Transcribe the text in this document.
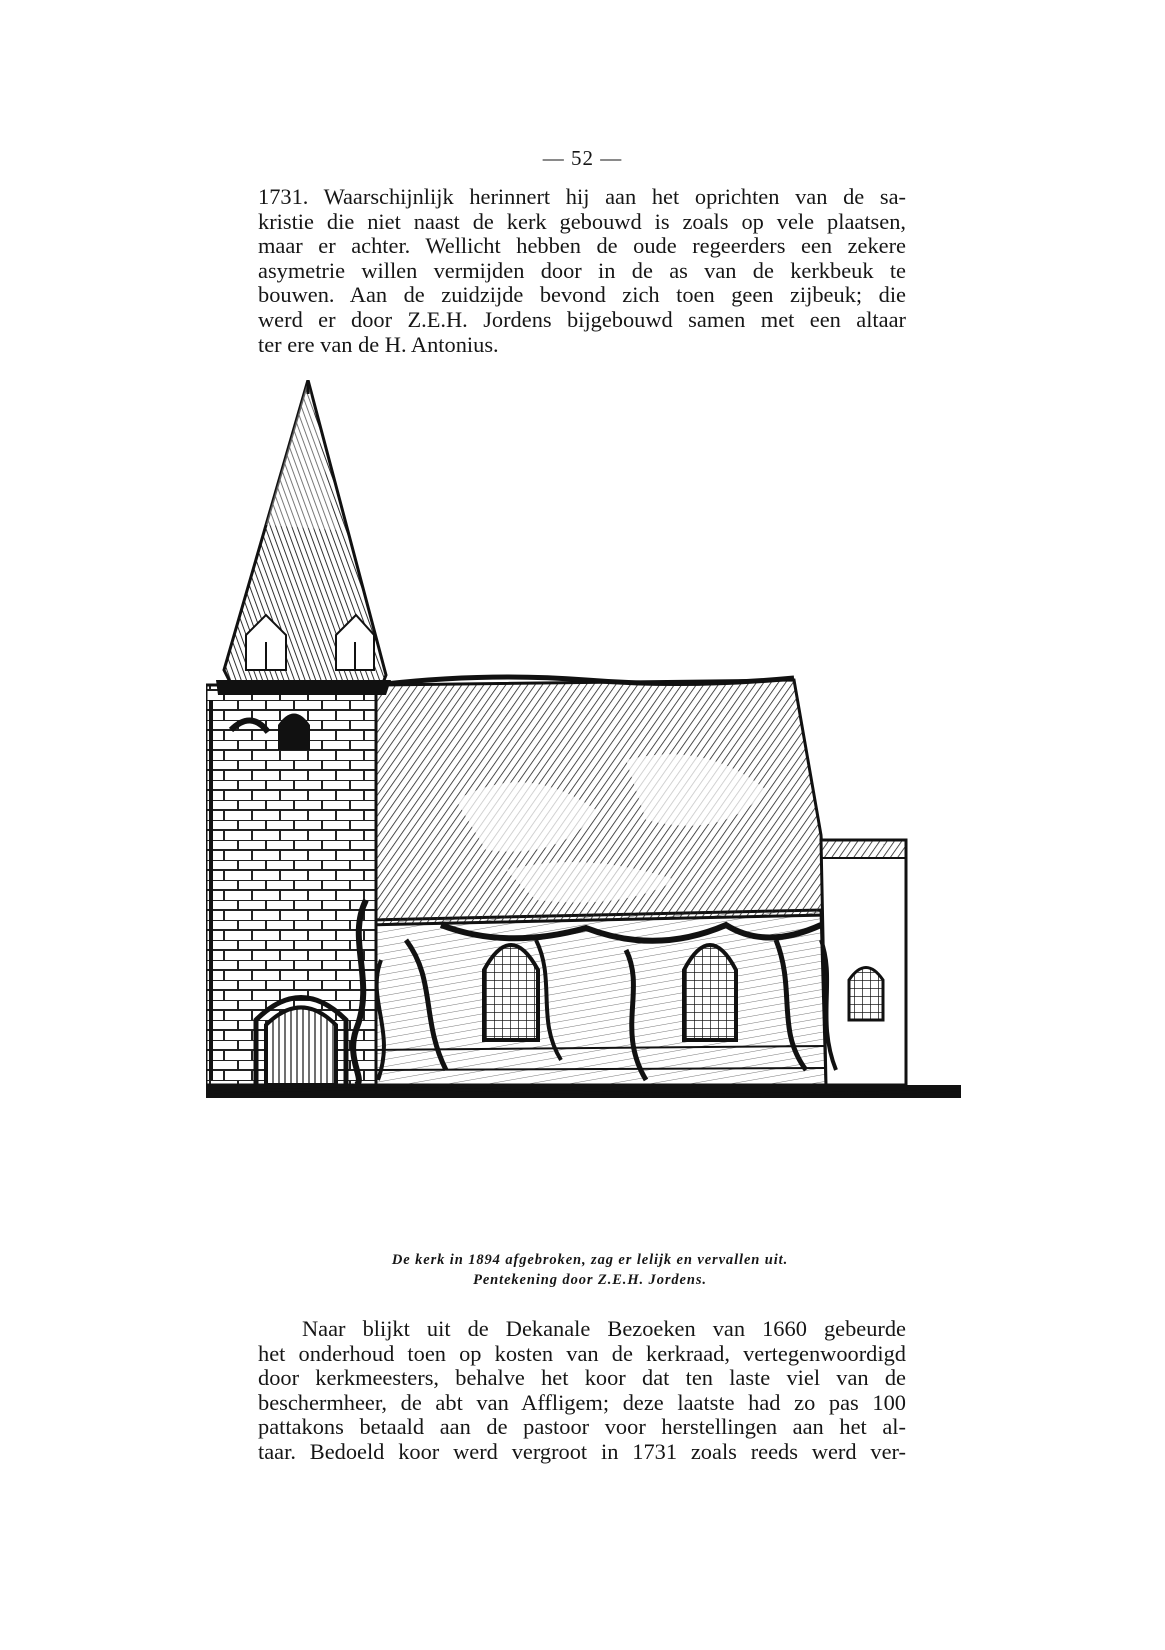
— 52 —

1731. Waarschijnlijk herinnert hij aan het oprichten van de sa-
kristie die niet naast de kerk gebouwd is zoals op vele plaatsen,
maar er achter. Wellicht hebben de oude regeerders een zekere
asymetrie willen vermijden door in de as van de kerkbeuk te
bouwen. Aan de zuidzijde bevond zich toen geen zijbeuk; die
werd er door Z.E.H. Jordens bijgebouwd samen met een altaar
ter ere van de H. Antonius.

De kerk in 1894 afgebroken, zag er lelijk en vervallen uit.
Pentekening door Z.E.H. Jordens.

Naar blijkt uit de Dekanale Bezoeken van 1660 gebeurde
het onderhoud toen op kosten van de kerkraad, vertegenwoordigd
door kerkmeesters, behalve het koor dat ten laste viel van de
beschermheer, de abt van Affligem; deze laatste had zo pas 100
pattakons betaald aan de pastoor voor herstellingen aan het al-
taar. Bedoeld koor werd vergroot in 1731 zoals reeds werd ver-
